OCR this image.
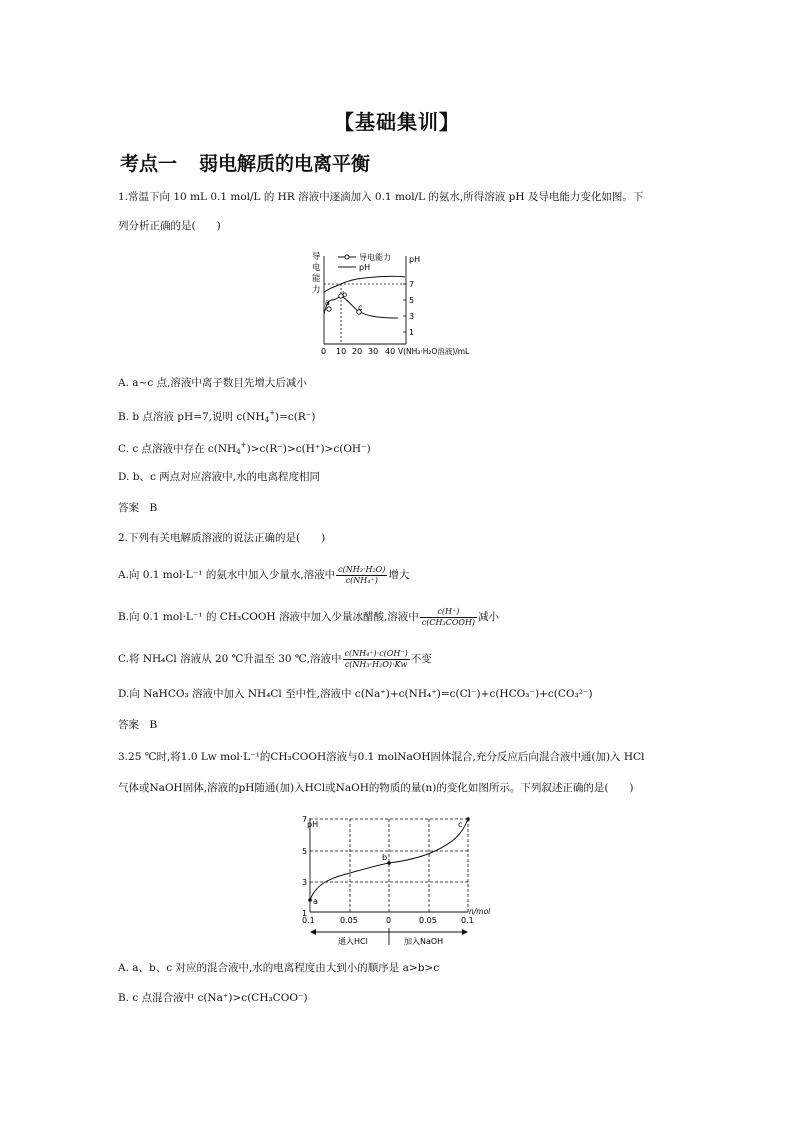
【基础集训】
考点一 弱电解质的电离平衡
1.常温下向 10 mL 0.1 mol/L 的 HR 溶液中逐滴加入 0.1 mol/L 的氨水,所得溶液 pH 及导电能力变化如图。下
列分析正确的是(　　)
导
电
能
力
pH
导电能力
pH
7
5
3
1
a
b
c
0 10 20 30 40 V(NH₃·H₂O溶液)/mL
A. a~c 点,溶液中离子数目先增大后减小
B. b 点溶液 pH=7,说明 $c(NH_4^+)=c(R^-)$
C. c 点溶液中存在 $c(NH_4^+)>c(R^-)>c(H^+)>c(OH^-)$
D. b、c 两点对应溶液中,水的电离程度相同
答案　B
2.下列有关电解质溶液的说法正确的是(　　)
A.向 0.1 mol·L⁻¹ 的氨水中加入少量水,溶液中 $\frac{\text{c(NH₃·H₂O)}}{\text{c(NH₄⁺)}}$ 增大
B.向 0.1 mol·L⁻¹ 的 CH₃COOH 溶液中加入少量冰醋酸,溶液中 $\frac{c(H^+)}{\text{c(CH₃COOH)}}$ 减小
C.将 NH₄Cl 溶液从 20 ℃升温至 30 ℃,溶液中 $\frac{\text{c(NH₄⁺)·c(OH⁻)}}{\text{c(NH₃·H₂O)·Kw}}$ 不变
D.向 NaHCO₃ 溶液中加入 NH₄Cl 至中性,溶液中 c(Na⁺)+c(NH₄⁺)=c(Cl⁻)+c(HCO₃⁻)+c(CO₃²⁻)
答案　B
3.25 ℃时,将1.0 Lw mol·L⁻¹的CH₃COOH溶液与0.1 molNaOH固体混合,充分反应后向混合液中通(加)入 HCl
气体或NaOH固体,溶液的pH随通(加)入HCl或NaOH的物质的量(n)的变化如图所示。下列叙述正确的是(　　)
pH
7
5
3
1
a
b
c
0.1	0.05	0	0.05	0.1
n/mol
通入HCl	加入NaOH
A. a、b、c 对应的混合液中,水的电离程度由大到小的顺序是 a>b>c
B. c 点混合液中 c(Na⁺)>c(CH₃COO⁻)
